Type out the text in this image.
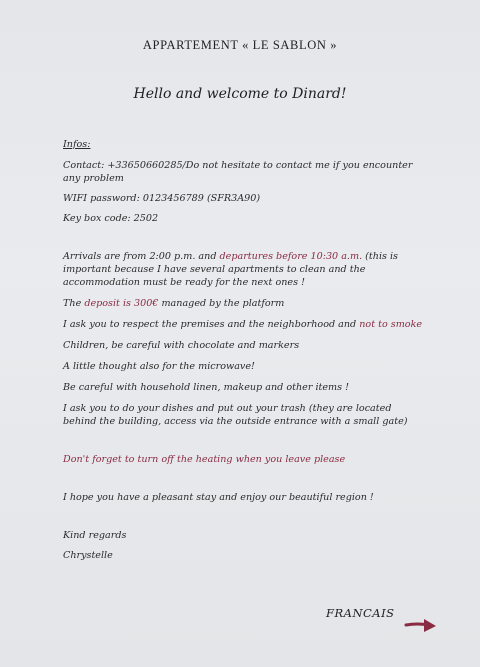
APPARTEMENT « LE SABLON »
Hello and welcome to Dinard!

Infos:

Contact: +33650660285/Do not hesitate to contact me if you encounter any problem

WIFI password: 0123456789 (SFR3A90)

Key box code: 2502

Arrivals are from 2:00 p.m. and departures before 10:30 a.m. (this is important because I have several apartments to clean and the accommodation must be ready for the next ones !

The deposit is 300€ managed by the platform

I ask you to respect the premises and the neighborhood and not to smoke

Children, be careful with chocolate and markers

A little thought also for the microwave!

Be careful with household linen, makeup and other items !

I ask you to do your dishes and put out your trash (they are located behind the building, access via the outside entrance with a small gate)

Don't forget to turn off the heating when you leave please

I hope you have a pleasant stay and enjoy our beautiful region !

Kind regards

Chrystelle

FRANCAIS
